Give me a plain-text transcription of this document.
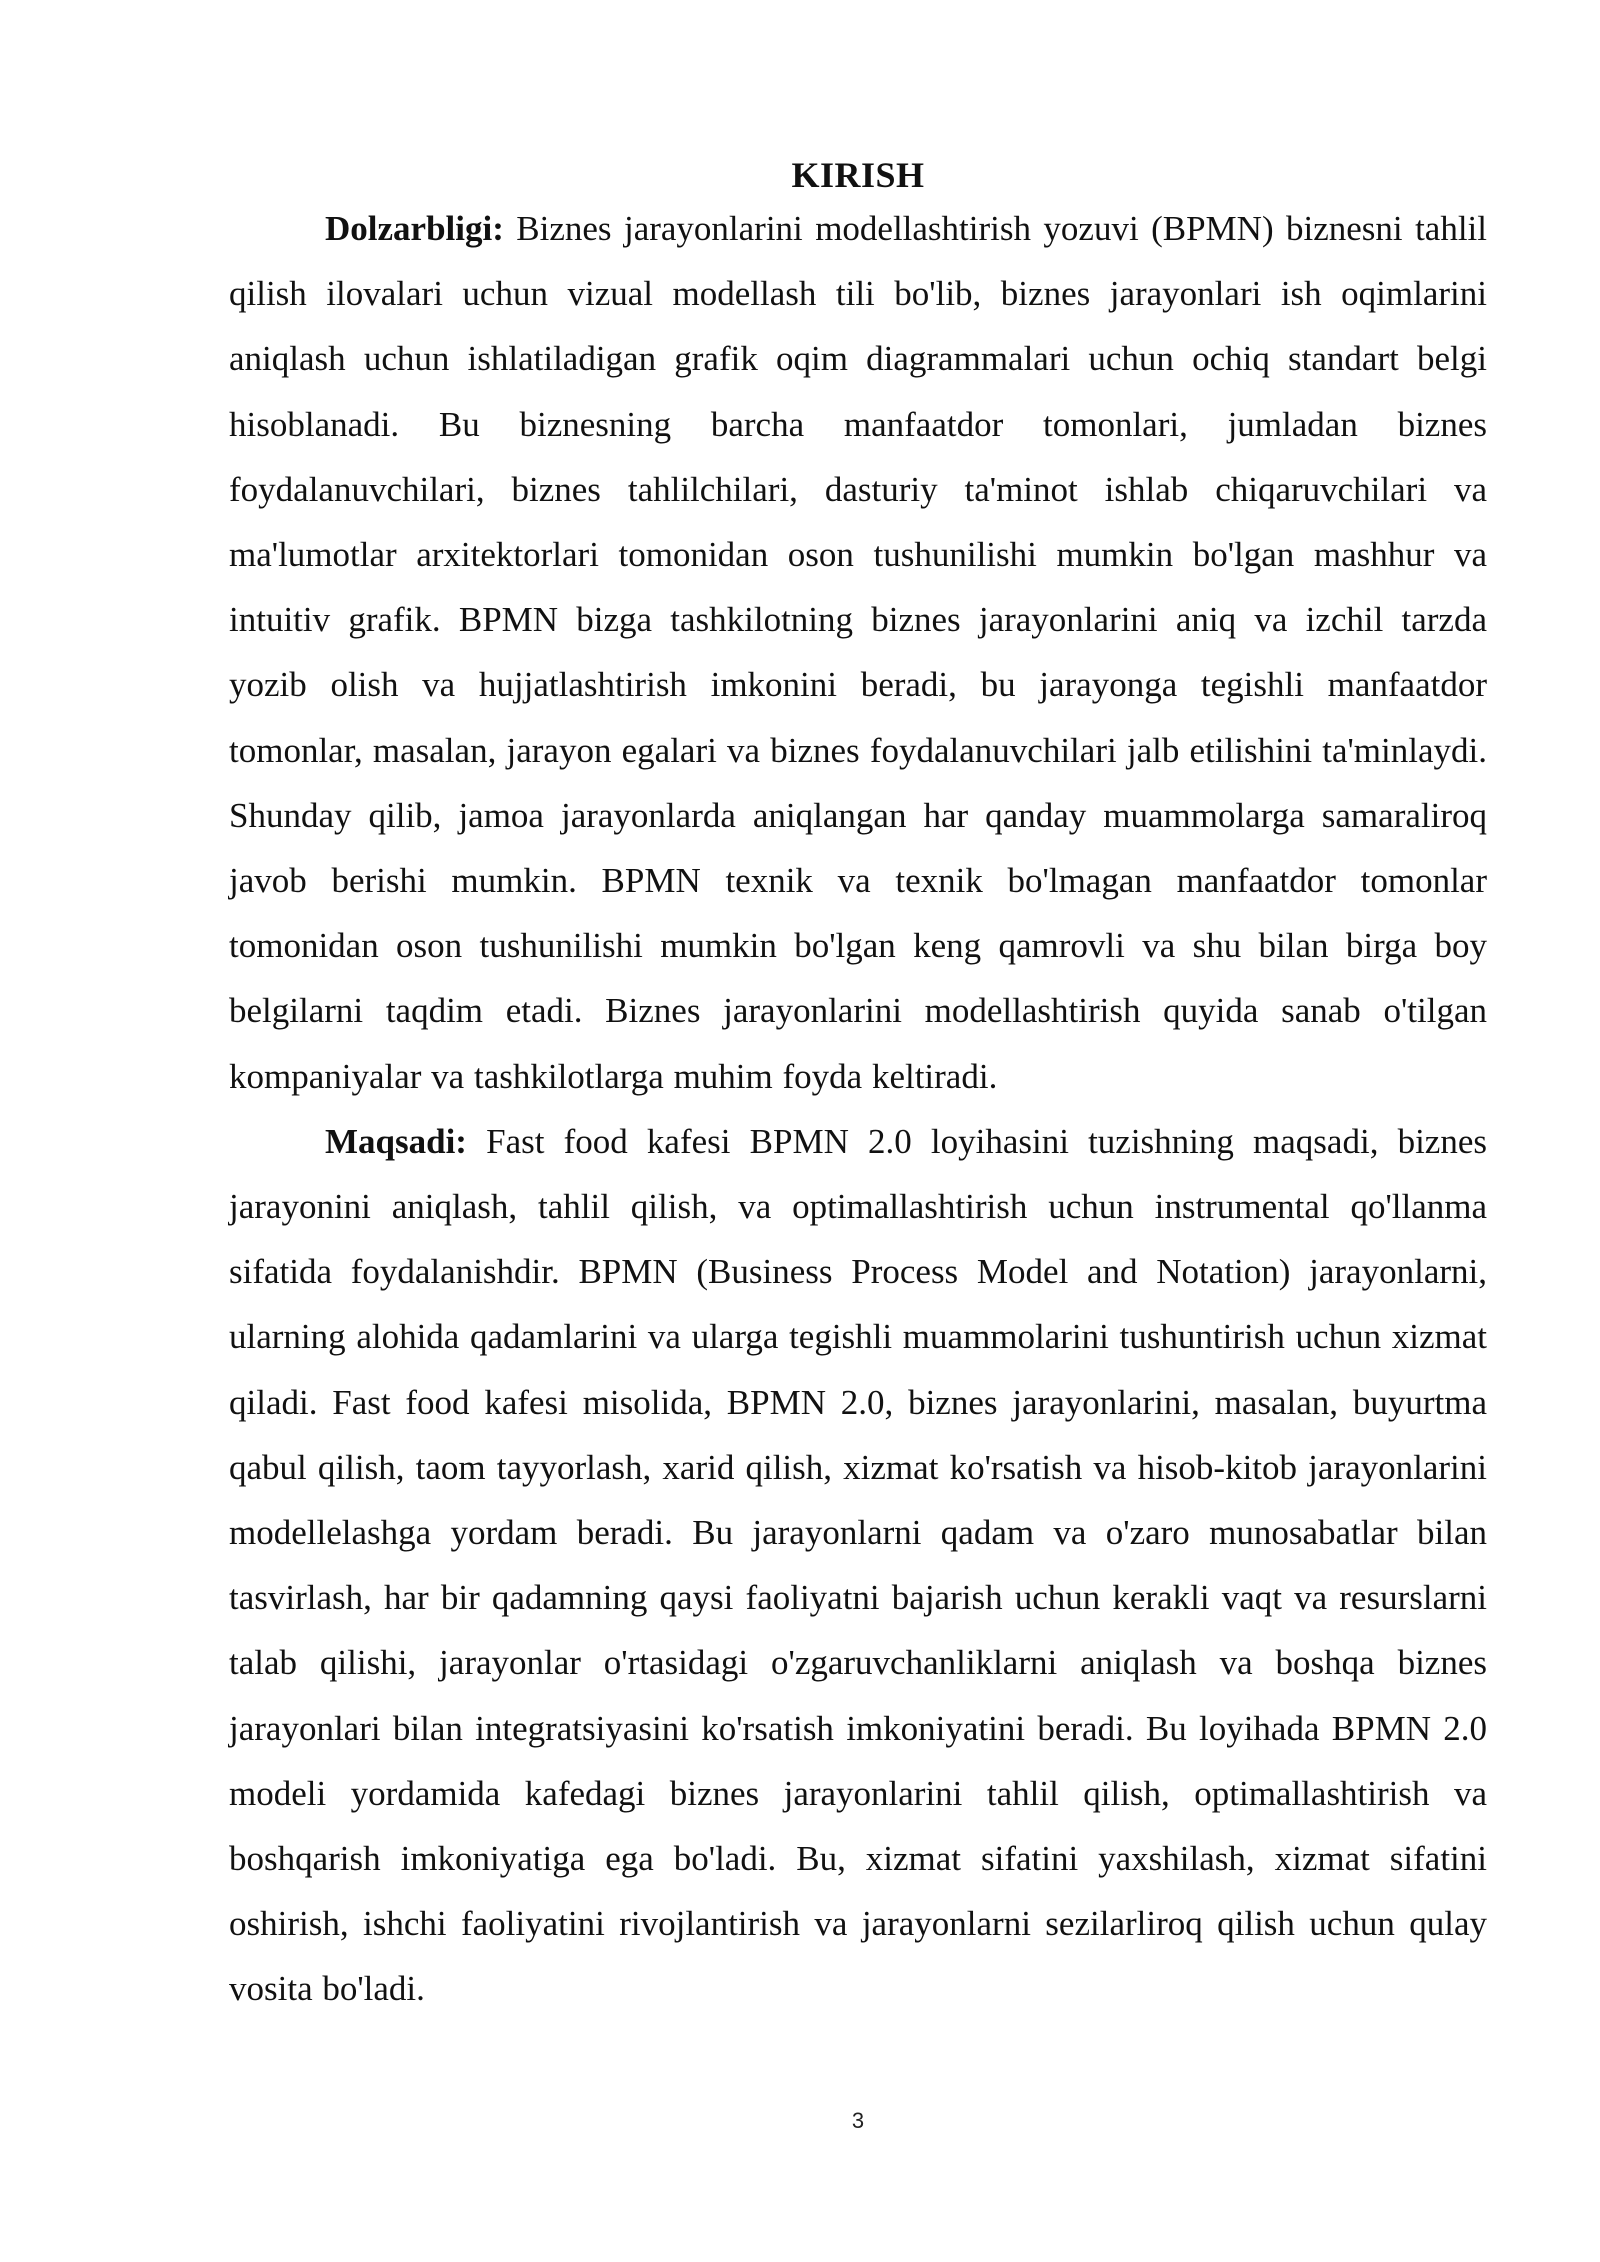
KIRISH

Dolzarbligi: Biznes jarayonlarini modellashtirish yozuvi (BPMN) biznesni tahlil qilish ilovalari uchun vizual modellash tili bo'lib, biznes jarayonlari ish oqimlarini aniqlash uchun ishlatiladigan grafik oqim diagrammalari uchun ochiq standart belgi hisoblanadi. Bu biznesning barcha manfaatdor tomonlari, jumladan biznes foydalanuvchilari, biznes tahlilchilari, dasturiy ta'minot ishlab chiqaruvchilari va ma'lumotlar arxitektorlari tomonidan oson tushunilishi mumkin bo'lgan mashhur va intuitiv grafik. BPMN bizga tashkilotning biznes jarayonlarini aniq va izchil tarzda yozib olish va hujjatlashtirish imkonini beradi, bu jarayonga tegishli manfaatdor tomonlar, masalan, jarayon egalari va biznes foydalanuvchilari jalb etilishini ta'minlaydi. Shunday qilib, jamoa jarayonlarda aniqlangan har qanday muammolarga samaraliroq javob berishi mumkin. BPMN texnik va texnik bo'lmagan manfaatdor tomonlar tomonidan oson tushunilishi mumkin bo'lgan keng qamrovli va shu bilan birga boy belgilarni taqdim etadi. Biznes jarayonlarini modellashtirish quyida sanab o'tilgan kompaniyalar va tashkilotlarga muhim foyda keltiradi.

Maqsadi: Fast food kafesi BPMN 2.0 loyihasini tuzishning maqsadi, biznes jarayonini aniqlash, tahlil qilish, va optimallashtirish uchun instrumental qo'llanma sifatida foydalanishdir. BPMN (Business Process Model and Notation) jarayonlarni, ularning alohida qadamlarini va ularga tegishli muammolarini tushuntirish uchun xizmat qiladi. Fast food kafesi misolida, BPMN 2.0, biznes jarayonlarini, masalan, buyurtma qabul qilish, taom tayyorlash, xarid qilish, xizmat ko'rsatish va hisob-kitob jarayonlarini modellelashga yordam beradi. Bu jarayonlarni qadam va o'zaro munosabatlar bilan tasvirlash, har bir qadamning qaysi faoliyatni bajarish uchun kerakli vaqt va resurslarni talab qilishi, jarayonlar o'rtasidagi o'zgaruvchanliklarni aniqlash va boshqa biznes jarayonlari bilan integratsiyasini ko'rsatish imkoniyatini beradi. Bu loyihada BPMN 2.0 modeli yordamida kafedagi biznes jarayonlarini tahlil qilish, optimallashtirish va boshqarish imkoniyatiga ega bo'ladi. Bu, xizmat sifatini yaxshilash, xizmat sifatini oshirish, ishchi faoliyatini rivojlantirish va jarayonlarni sezilarliroq qilish uchun qulay vosita bo'ladi.

3
